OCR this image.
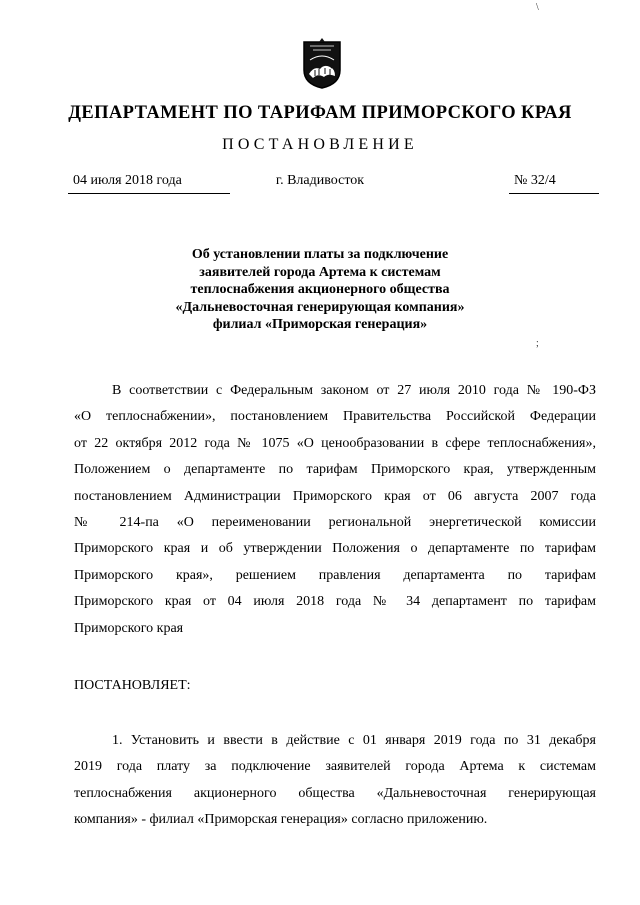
ДЕПАРТАМЕНТ ПО ТАРИФАМ ПРИМОРСКОГО КРАЯ
ПОСТАНОВЛЕНИЕ
04 июля 2018 года	г. Владивосток	№ 32/4
Об установлении платы за подключение
заявителей города Артема к системам
теплоснабжения акционерного общества
«Дальневосточная генерирующая компания»
филиал «Приморская генерация»
В соответствии с Федеральным законом от 27 июля 2010 года № 190-ФЗ
«О теплоснабжении», постановлением Правительства Российской Федерации
от 22 октября 2012 года № 1075 «О ценообразовании в сфере теплоснабжения»,
Положением о департаменте по тарифам Приморского края, утвержденным
постановлением Администрации Приморского края от 06 августа 2007 года
№ 214-па «О переименовании региональной энергетической комиссии
Приморского края и об утверждении Положения о департаменте по тарифам
Приморского края», решением правления департамента по тарифам
Приморского края от 04 июля 2018 года № 34 департамент по тарифам
Приморского края
ПОСТАНОВЛЯЕТ:
1. Установить и ввести в действие с 01 января 2019 года по 31 декабря
2019 года плату за подключение заявителей города Артема к системам
теплоснабжения акционерного общества «Дальневосточная генерирующая
компания» - филиал «Приморская генерация» согласно приложению.
\
;
